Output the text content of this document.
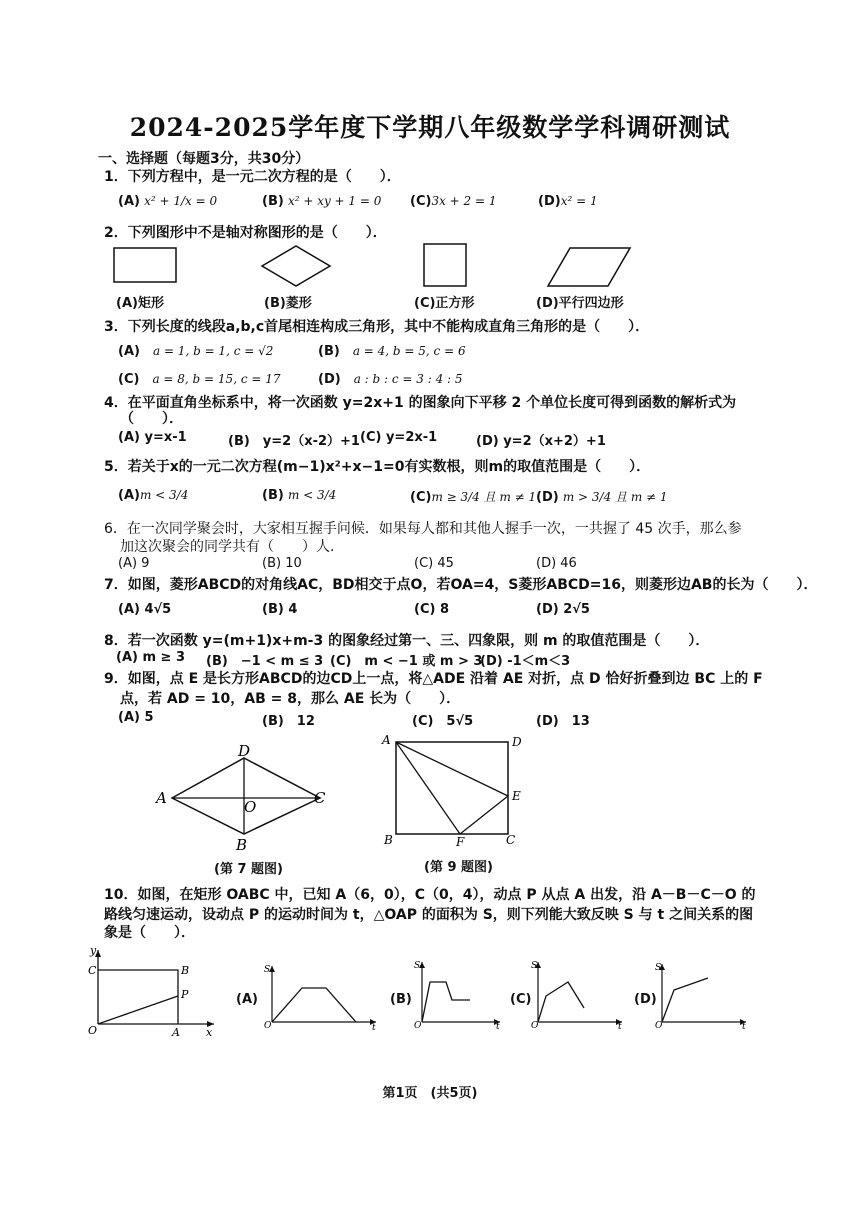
2024-2025学年度下学期八年级数学学科调研测试
一、选择题（每题3分，共30分）
1．下列方程中，是一元二次方程的是（　　）．
(A) x² + 1/x = 0	(B) x² + xy + 1 = 0 (C)3x + 2 = 1	(D)x² = 1
2．下列图形中不是轴对称图形的是（　　）．
(A)矩形	(B)菱形	(C)正方形	(D)平行四边形
3．下列长度的线段a,b,c首尾相连构成三角形，其中不能构成直角三角形的是（　　）．
(A)　 a = 1, b = 1, c = √2	(B)　 a = 4, b = 5, c = 6
(C)　 a = 8, b = 15, c = 17	(D)　 a : b : c = 3 : 4 : 5
4．在平面直角坐标系中，将一次函数 y=2x+1 的图象向下平移 2 个单位长度可得到函数的解析式为
（　　）．
(A) y=x-1	(B)　y=2（x-2）+1 (C) y=2x-1	(D) y=2（x+2）+1
5．若关于x的一元二次方程(m−1)x²+x−1=0有实数根，则m的取值范围是（　　）．
(A)m < 3/4	(B) m < 3/4	(C)m ≥ 3/4 且 m ≠ 1 (D) m > 3/4 且 m ≠ 1
6．在一次同学聚会时，大家相互握手问候．如果每人都和其他人握手一次，一共握了 45 次手，那么参
加这次聚会的同学共有（　　）人．
(A) 9	(B) 10	(C) 45	(D) 46
7．如图，菱形ABCD的对角线AC，BD相交于点O，若OA=4，S菱形ABCD=16，则菱形边AB的长为（　　）．
(A) 4√5	(B) 4	(C) 8	(D) 2√5
8．若一次函数 y=(m+1)x+m-3 的图象经过第一、三、四象限，则 m 的取值范围是（　　）．
(A) m ≥ 3 (B)　−1 < m ≤ 3 (C)　m < −1 或 m > 3
(D) -1＜m＜3
9．如图，点 E 是长方形ABCD的边CD上一点，将△ADE 沿着 AE 对折，点 D 恰好折叠到边 BC 上的 F
点，若 AD = 10，AB = 8，那么 AE 长为（　　）．
(A) 5	(B)　12	(C)　5√5	(D)　13
D
A	C
O
B
(第 7 题图)
A	D
E
B	F	C
(第 9 题图)
10．如图，在矩形 OABC 中，已知 A（6，0），C（0，4），动点 P 从点 A 出发，沿 A－B－C－O 的
路线匀速运动，设动点 P 的运动时间为 t，△OAP 的面积为 S，则下列能大致反映 S 与 t 之间关系的图
象是（　　）．
y
C	B
P
O	A x
(A)
S
O	t
(B)
S
O	t
(C)
S
O	t
(D)
S
O	t
第1页　(共5页)
